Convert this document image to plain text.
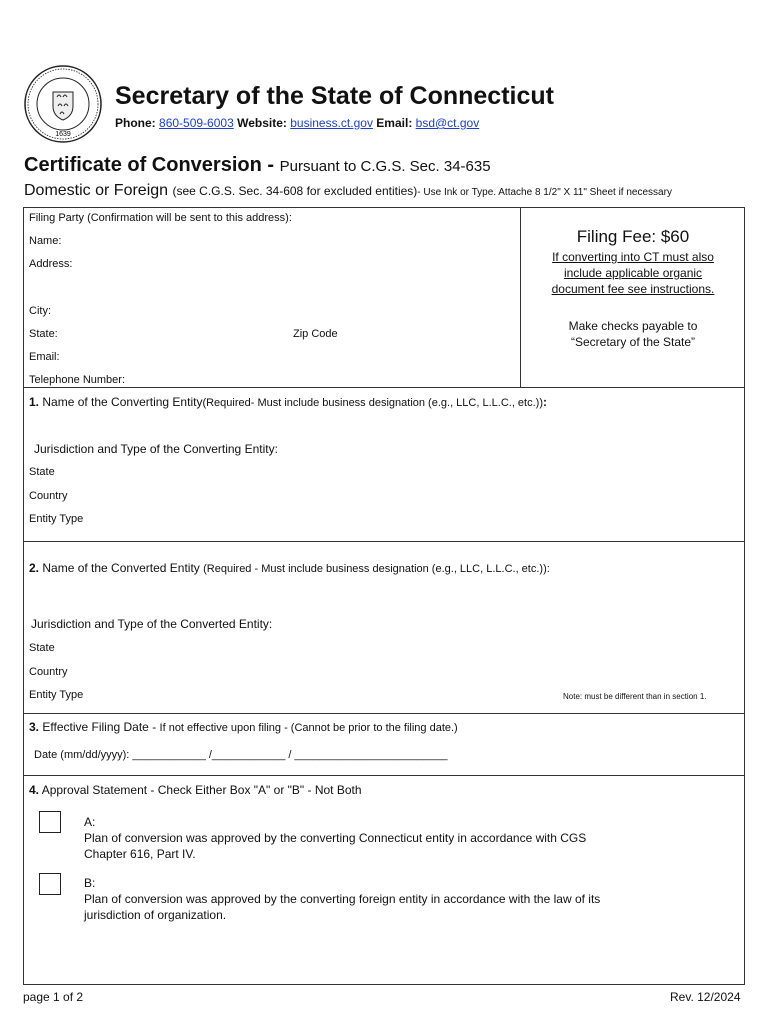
1639
Secretary of the State of Connecticut
Phone: 860-509-6003 Website: business.ct.gov Email: bsd@ct.gov
Certificate of Conversion - Pursuant to C.G.S. Sec. 34-635
Domestic or Foreign (see C.G.S. Sec. 34-608 for excluded entities)- Use Ink or Type. Attache 8 1/2" X 11" Sheet if necessary
Filing Party (Confirmation will be sent to this address):
Name:
Address:
City:
State:	Zip Code
Email:
Telephone Number:
Filing Fee: $60
If converting into CT must also
include applicable organic
document fee see instructions.
Make checks payable to
“Secretary of the State”
1. Name of the Converting Entity(Required- Must include business designation (e.g., LLC, L.L.C., etc.)):
Jurisdiction and Type of the Converting Entity:
State
Country
Entity Type
2. Name of the Converted Entity (Required - Must include business designation (e.g., LLC, L.L.C., etc.)):
Jurisdiction and Type of the Converted Entity:
State
Country
Entity Type	Note: must be different than in section 1.
3. Effective Filing Date - If not effective upon filing - (Cannot be prior to the filing date.)
Date (mm/dd/yyyy): ____________ /____________ / _________________________
4. Approval Statement - Check Either Box "A" or "B" - Not Both
A:
Plan of conversion was approved by the converting Connecticut entity in accordance with CGS
Chapter 616, Part IV.
B:
Plan of conversion was approved by the converting foreign entity in accordance with the law of its
jurisdiction of organization.
page 1 of 2	Rev. 12/2024
